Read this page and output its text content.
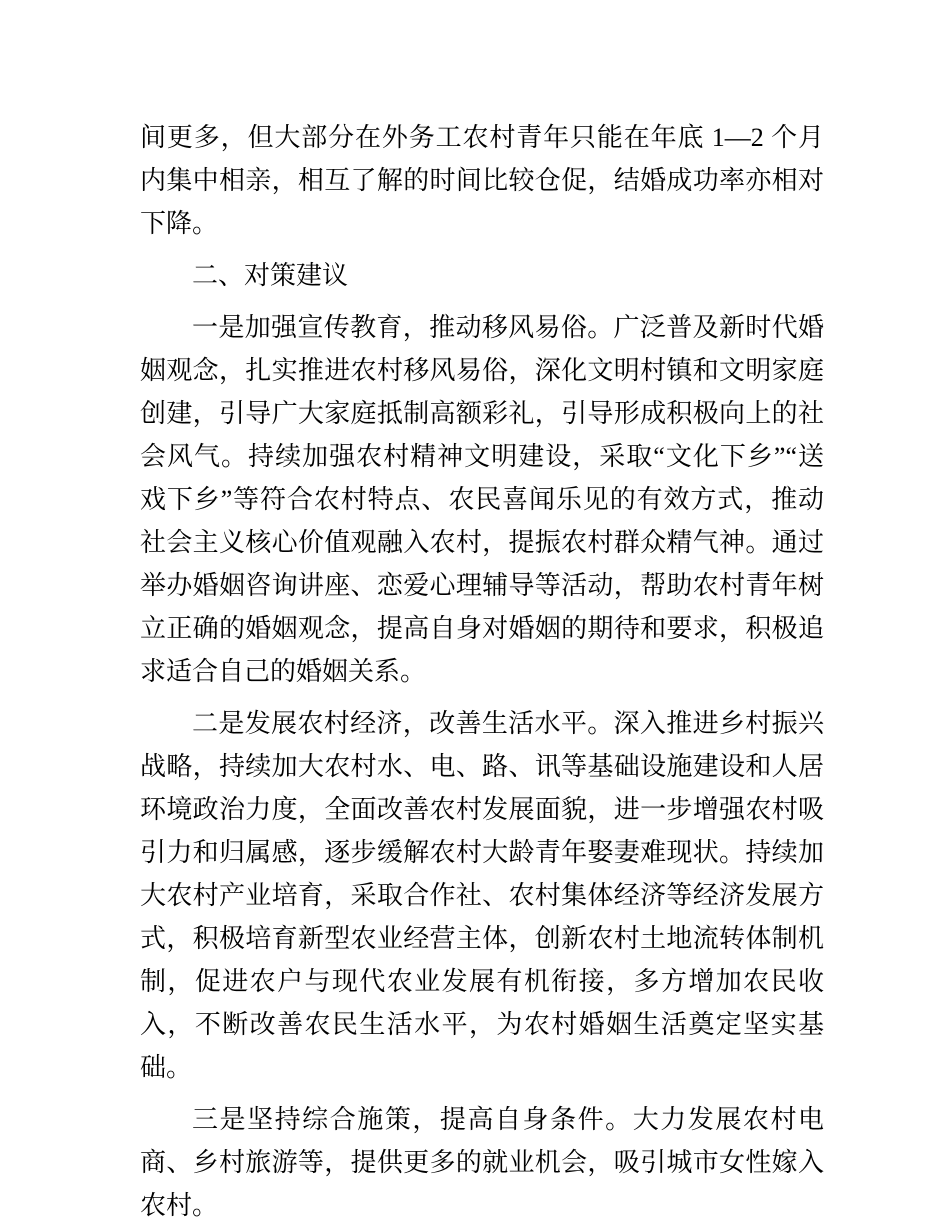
间更多，但大部分在外务工农村青年只能在年底 1—2 个月内集中相亲，相互了解的时间比较仓促，结婚成功率亦相对下降。

二、对策建议

一是加强宣传教育，推动移风易俗。广泛普及新时代婚姻观念，扎实推进农村移风易俗，深化文明村镇和文明家庭创建，引导广大家庭抵制高额彩礼，引导形成积极向上的社会风气。持续加强农村精神文明建设，采取“文化下乡”“送戏下乡”等符合农村特点、农民喜闻乐见的有效方式，推动社会主义核心价值观融入农村，提振农村群众精气神。通过举办婚姻咨询讲座、恋爱心理辅导等活动，帮助农村青年树立正确的婚姻观念，提高自身对婚姻的期待和要求，积极追求适合自己的婚姻关系。

二是发展农村经济，改善生活水平。深入推进乡村振兴战略，持续加大农村水、电、路、讯等基础设施建设和人居环境政治力度，全面改善农村发展面貌，进一步增强农村吸引力和归属感，逐步缓解农村大龄青年娶妻难现状。持续加大农村产业培育，采取合作社、农村集体经济等经济发展方式，积极培育新型农业经营主体，创新农村土地流转体制机制，促进农户与现代农业发展有机衔接，多方增加农民收入，不断改善农民生活水平，为农村婚姻生活奠定坚实基础。

三是坚持综合施策，提高自身条件。大力发展农村电商、乡村旅游等，提供更多的就业机会，吸引城市女性嫁入农村。
